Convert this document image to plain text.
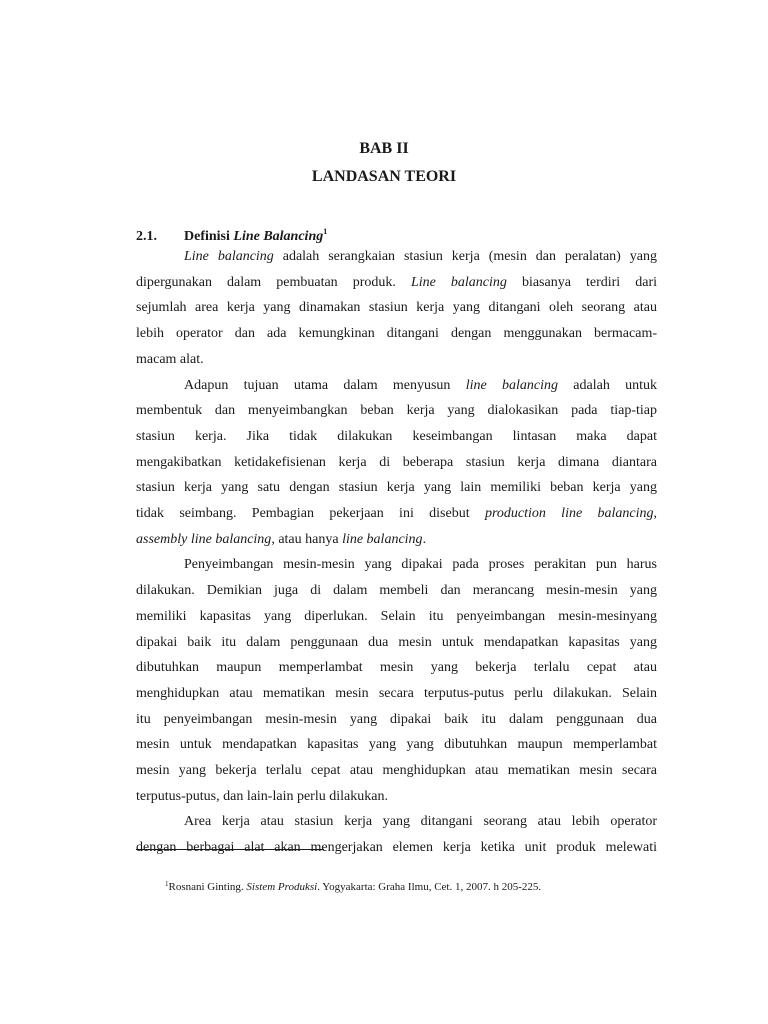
BAB II
LANDASAN TEORI
2.1. Definisi Line Balancing$^1$

Line balancing adalah serangkaian stasiun kerja (mesin dan peralatan) yang

dipergunakan dalam pembuatan produk. Line balancing biasanya terdiri dari

sejumlah area kerja yang dinamakan stasiun kerja yang ditangani oleh seorang atau

lebih operator dan ada kemungkinan ditangani dengan menggunakan bermacam-

macam alat.

Adapun tujuan utama dalam menyusun line balancing adalah untuk

membentuk dan menyeimbangkan beban kerja yang dialokasikan pada tiap-tiap

stasiun kerja. Jika tidak dilakukan keseimbangan lintasan maka dapat

mengakibatkan ketidakefisienan kerja di beberapa stasiun kerja dimana diantara

stasiun kerja yang satu dengan stasiun kerja yang lain memiliki beban kerja yang

tidak seimbang. Pembagian pekerjaan ini disebut production line balancing,

assembly line balancing, atau hanya line balancing.

Penyeimbangan mesin-mesin yang dipakai pada proses perakitan pun harus

dilakukan. Demikian juga di dalam membeli dan merancang mesin-mesin yang

memiliki kapasitas yang diperlukan. Selain itu penyeimbangan mesin-mesinyang

dipakai baik itu dalam penggunaan dua mesin untuk mendapatkan kapasitas yang

dibutuhkan maupun memperlambat mesin yang bekerja terlalu cepat atau

menghidupkan atau mematikan mesin secara terputus-putus perlu dilakukan. Selain

itu penyeimbangan mesin-mesin yang dipakai baik itu dalam penggunaan dua

mesin untuk mendapatkan kapasitas yang yang dibutuhkan maupun memperlambat

mesin yang bekerja terlalu cepat atau menghidupkan atau mematikan mesin secara

terputus-putus, dan lain-lain perlu dilakukan.

Area kerja atau stasiun kerja yang ditangani seorang atau lebih operator

dengan berbagai alat akan mengerjakan elemen kerja ketika unit produk melewati

$^1$Rosnani Ginting. Sistem Produksi. Yogyakarta: Graha Ilmu, Cet. 1, 2007. h 205-225.
